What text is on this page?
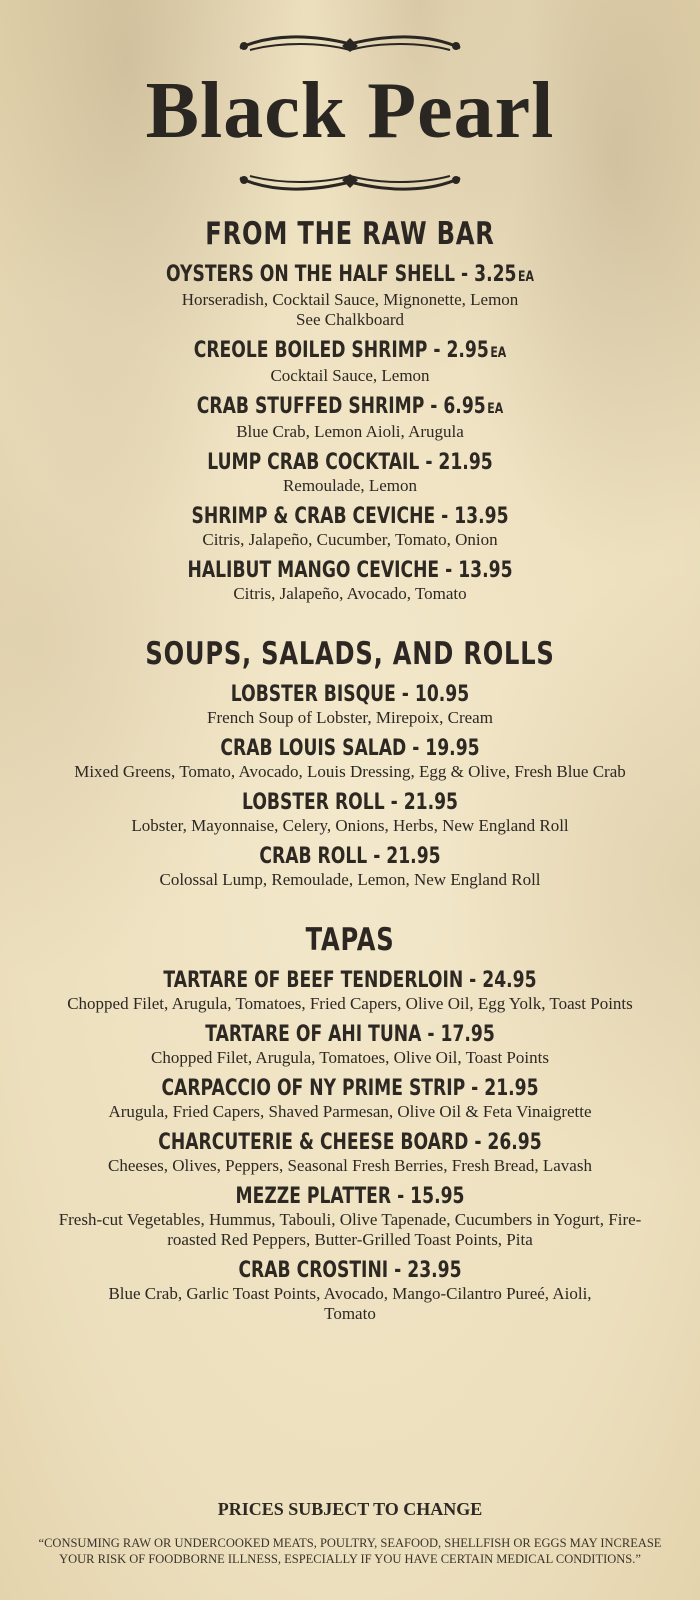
Black Pearl
FROM THE RAW BAR
OYSTERS ON THE HALF SHELL - 3.25 EA
Horseradish, Cocktail Sauce, Mignonette, Lemon
See Chalkboard
CREOLE BOILED SHRIMP - 2.95 EA
Cocktail Sauce, Lemon
CRAB STUFFED SHRIMP - 6.95 EA
Blue Crab, Lemon Aioli, Arugula
LUMP CRAB COCKTAIL - 21.95
Remoulade, Lemon
SHRIMP & CRAB CEVICHE - 13.95
Citris, Jalapeño, Cucumber, Tomato, Onion
HALIBUT MANGO CEVICHE - 13.95
Citris, Jalapeño, Avocado, Tomato
SOUPS, SALADS, AND ROLLS
LOBSTER BISQUE - 10.95
French Soup of Lobster, Mirepoix, Cream
CRAB LOUIS SALAD - 19.95
Mixed Greens, Tomato, Avocado, Louis Dressing, Egg & Olive, Fresh Blue Crab
LOBSTER ROLL - 21.95
Lobster, Mayonnaise, Celery, Onions, Herbs, New England Roll
CRAB ROLL - 21.95
Colossal Lump, Remoulade, Lemon, New England Roll
TAPAS
TARTARE OF BEEF TENDERLOIN - 24.95
Chopped Filet, Arugula, Tomatoes, Fried Capers, Olive Oil, Egg Yolk, Toast Points
TARTARE OF AHI TUNA - 17.95
Chopped Filet, Arugula, Tomatoes, Olive Oil, Toast Points
CARPACCIO OF NY PRIME STRIP - 21.95
Arugula, Fried Capers, Shaved Parmesan, Olive Oil & Feta Vinaigrette
CHARCUTERIE & CHEESE BOARD - 26.95
Cheeses, Olives, Peppers, Seasonal Fresh Berries, Fresh Bread, Lavash
MEZZE PLATTER - 15.95
Fresh-cut Vegetables, Hummus, Tabouli, Olive Tapenade, Cucumbers in Yogurt, Fire-roasted Red Peppers, Butter-Grilled Toast Points, Pita
CRAB CROSTINI - 23.95
Blue Crab, Garlic Toast Points, Avocado, Mango-Cilantro Pureé, Aioli, Tomato
PRICES SUBJECT TO CHANGE
“CONSUMING RAW OR UNDERCOOKED MEATS, POULTRY, SEAFOOD, SHELLFISH OR EGGS MAY INCREASE YOUR RISK OF FOODBORNE ILLNESS, ESPECIALLY IF YOU HAVE CERTAIN MEDICAL CONDITIONS.”
